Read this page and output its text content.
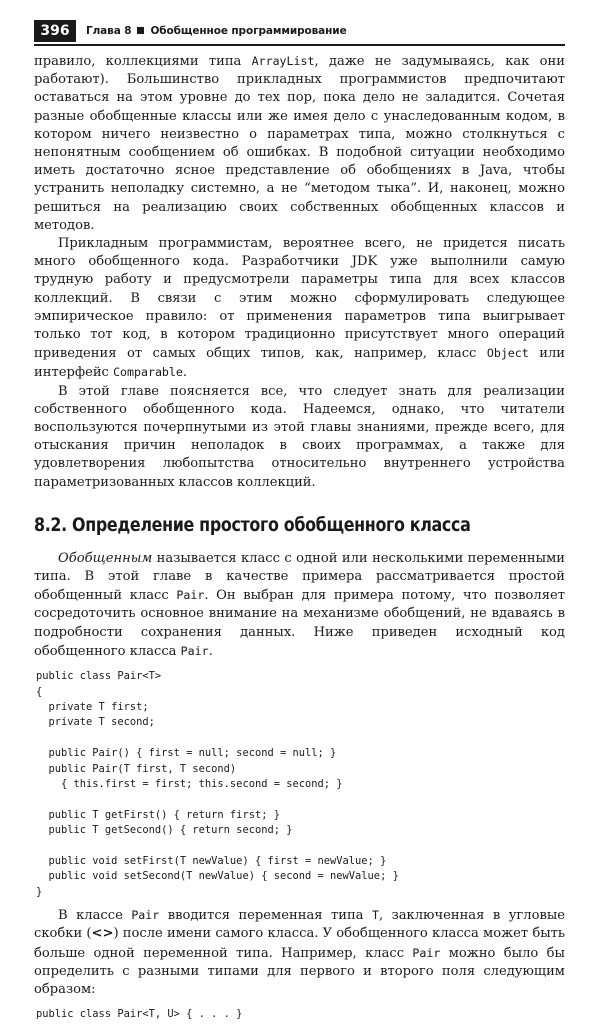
396	Глава 8 Обобщенное программирование

правило, коллекциями типа ArrayList, даже не задумываясь, как они работают). Большинство прикладных программистов предпочитают оставаться на этом уровне до тех пор, пока дело не заладится. Сочетая разные обобщенные классы или же имея дело с унаследованным кодом, в котором ничего неизвестно о параметрах типа, можно столкнуться с непонятным сообщением об ошибках. В подобной ситуации необходимо иметь достаточно ясное представление об обобщениях в Java, чтобы устранить неполадку системно, а не “методом тыка”. И, наконец, можно решиться на реализацию своих собственных обобщенных классов и методов.

Прикладным программистам, вероятнее всего, не придется писать много обобщенного кода. Разработчики JDK уже выполнили самую трудную работу и предусмотрели параметры типа для всех классов коллекций. В связи с этим можно сформулировать следующее эмпирическое правило: от применения параметров типа выигрывает только тот код, в котором традиционно присутствует много операций приведения от самых общих типов, как, например, класс Object или интерфейс Comparable.

В этой главе поясняется все, что следует знать для реализации собственного обобщенного кода. Надеемся, однако, что читатели воспользуются почерпнутыми из этой главы знаниями, прежде всего, для отыскания причин неполадок в своих программах, а также для удовлетворения любопытства относительно внутреннего устройства параметризованных классов коллекций.

8.2. Определение простого обобщенного класса

Обобщенным называется класс с одной или несколькими переменными типа. В этой главе в качестве примера рассматривается простой обобщенный класс Pair. Он выбран для примера потому, что позволяет сосредоточить основное внимание на механизме обобщений, не вдаваясь в подробности сохранения данных. Ниже приведен исходный код обобщенного класса Pair.

public class Pair<T>
{
private T first;
private T second;

public Pair() { first = null; second = null; }
public Pair(T first, T second)
{ this.first = first; this.second = second; }

public T getFirst() { return first; }
public T getSecond() { return second; }

public void setFirst(T newValue) { first = newValue; }
public void setSecond(T newValue) { second = newValue; }
}

В классе Pair вводится переменная типа T, заключенная в угловые скобки (<>) после имени самого класса. У обобщенного класса может быть больше одной переменной типа. Например, класс Pair можно было бы определить с разными типами для первого и второго поля следующим образом:

public class Pair<T, U> { . . . }
